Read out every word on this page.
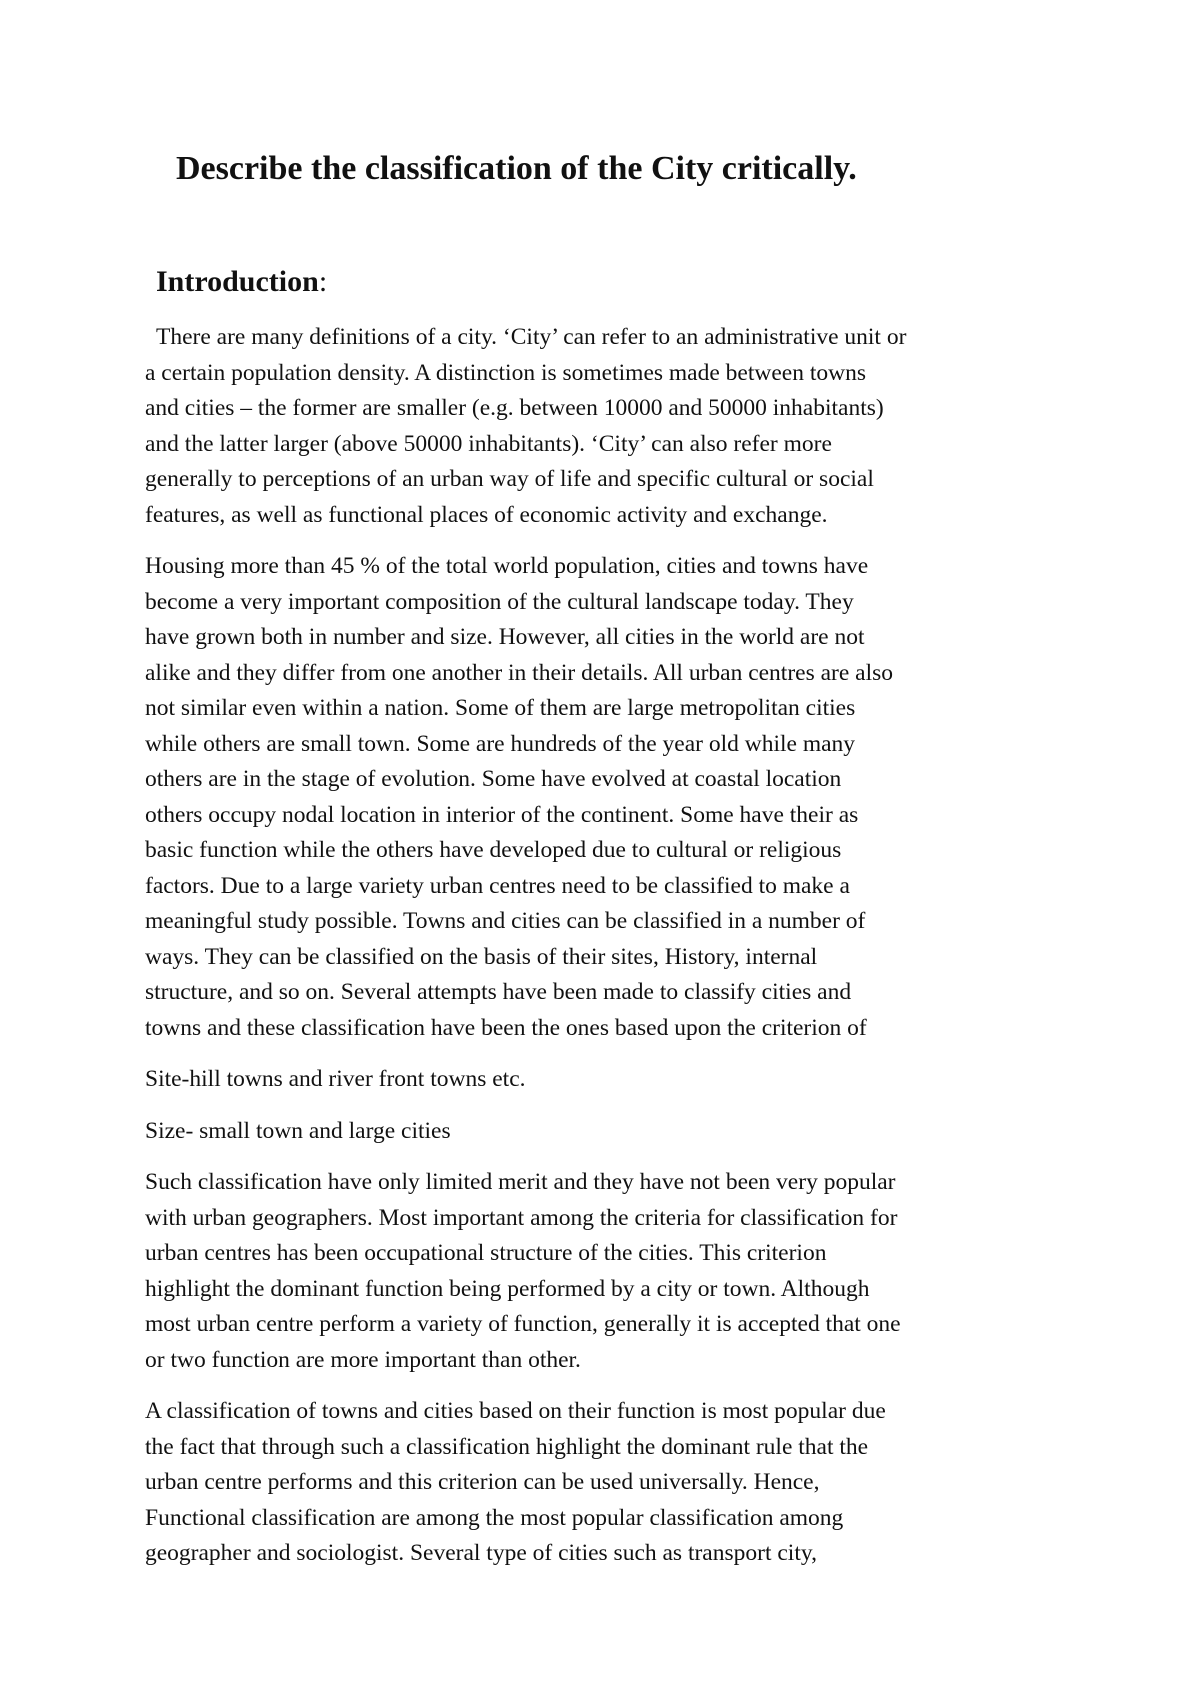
Describe the classification of the City critically.
Introduction:

There are many definitions of a city. ‘City’ can refer to an administrative unit or
a certain population density. A distinction is sometimes made between towns
and cities – the former are smaller (e.g. between 10000 and 50000 inhabitants)
and the latter larger (above 50000 inhabitants). ‘City’ can also refer more
generally to perceptions of an urban way of life and specific cultural or social
features, as well as functional places of economic activity and exchange.

Housing more than 45 % of the total world population, cities and towns have
become a very important composition of the cultural landscape today. They
have grown both in number and size. However, all cities in the world are not
alike and they differ from one another in their details. All urban centres are also
not similar even within a nation. Some of them are large metropolitan cities
while others are small town. Some are hundreds of the year old while many
others are in the stage of evolution. Some have evolved at coastal location
others occupy nodal location in interior of the continent. Some have their as
basic function while the others have developed due to cultural or religious
factors. Due to a large variety urban centres need to be classified to make a
meaningful study possible. Towns and cities can be classified in a number of
ways. They can be classified on the basis of their sites, History, internal
structure, and so on. Several attempts have been made to classify cities and
towns and these classification have been the ones based upon the criterion of

Site-hill towns and river front towns etc.

Size- small town and large cities

Such classification have only limited merit and they have not been very popular
with urban geographers. Most important among the criteria for classification for
urban centres has been occupational structure of the cities. This criterion
highlight the dominant function being performed by a city or town. Although
most urban centre perform a variety of function, generally it is accepted that one
or two function are more important than other.

A classification of towns and cities based on their function is most popular due
the fact that through such a classification highlight the dominant rule that the
urban centre performs and this criterion can be used universally. Hence,
Functional classification are among the most popular classification among
geographer and sociologist. Several type of cities such as transport city,
